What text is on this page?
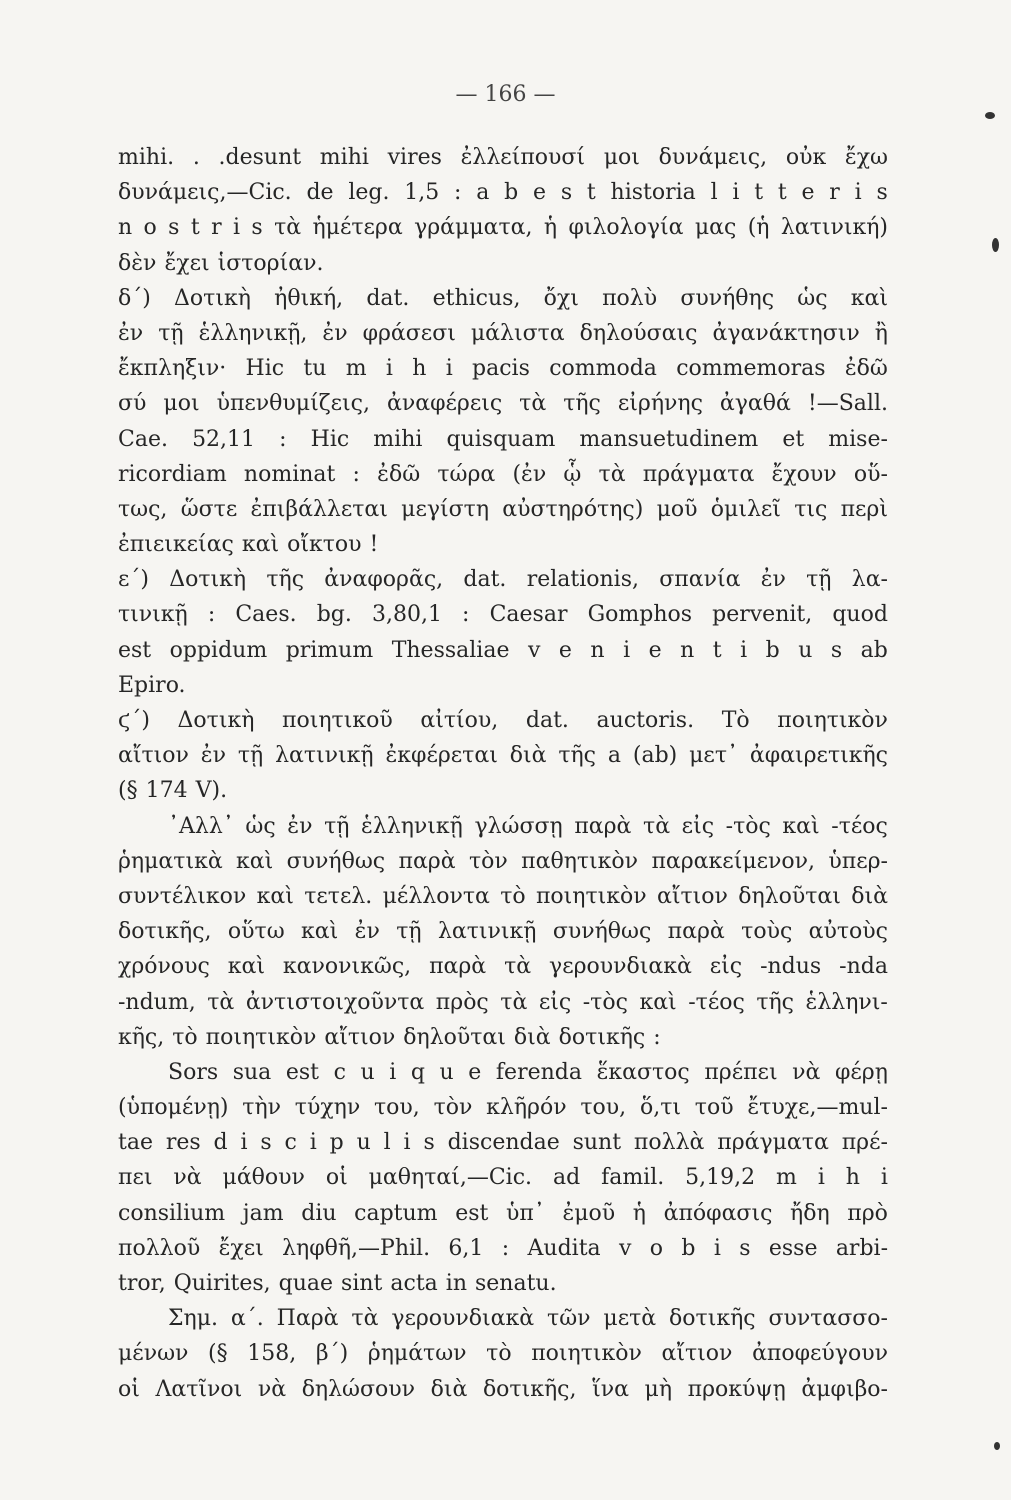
— 166 —
mihi. . .desunt mihi vires ἐλλείπουσί μοι δυνάμεις, οὐκ ἔχω
δυνάμεις,—Cic. de leg. 1,5 : a b e s t historia l i t t e r i s
n o s t r i s τὰ ἡμέτερα γράμματα, ἡ φιλολογία μας (ἡ λατινική)
δὲν ἔχει ἱστορίαν.
δ´) Δοτικὴ ἠθική, dat. ethicus, ὄχι πολὺ συνήθης ὡς καὶ
ἐν τῇ ἑλληνικῇ, ἐν φράσεσι μάλιστα δηλούσαις ἀγανάκτησιν ἢ
ἔκπληξιν· Hic tu m i h i pacis commoda commemoras ἐδῶ
σύ μοι ὑπενθυμίζεις, ἀναφέρεις τὰ τῆς εἰρήνης ἀγαθά !—Sall.
Cae. 52,11 : Hic mihi quisquam mansuetudinem et mise-
ricordiam nominat : ἐδῶ τώρα (ἐν ᾧ τὰ πράγματα ἔχουν οὕ-
τως, ὥστε ἐπιβάλλεται μεγίστη αὐστηρότης) μοῦ ὁμιλεῖ τις περὶ
ἐπιεικείας καὶ οἴκτου !
ε´) Δοτικὴ τῆς ἀναφορᾶς, dat. relationis, σπανία ἐν τῇ λα-
τινικῇ : Caes. bg. 3,80,1 : Caesar Gomphos pervenit, quod
est oppidum primum Thessaliae v e n i e n t i b u s ab
Epiro.
ϛ´) Δοτικὴ ποιητικοῦ αἰτίου, dat. auctoris. Τὸ ποιητικὸν
αἴτιον ἐν τῇ λατινικῇ ἐκφέρεται διὰ τῆς a (ab) μετ᾽ ἀφαιρετικῆς
(§ 174 V).
᾽Αλλ᾽ ὡς ἐν τῇ ἑλληνικῇ γλώσσῃ παρὰ τὰ εἰς -τὸς καὶ -τέος
ῥηματικὰ καὶ συνήθως παρὰ τὸν παθητικὸν παρακείμενον, ὑπερ-
συντέλικον καὶ τετελ. μέλλοντα τὸ ποιητικὸν αἴτιον δηλοῦται διὰ
δοτικῆς, οὕτω καὶ ἐν τῇ λατινικῇ συνήθως παρὰ τοὺς αὐτοὺς
χρόνους καὶ κανονικῶς, παρὰ τὰ γερουνδιακὰ εἰς -ndus -nda
-ndum, τὰ ἀντιστοιχοῦντα πρὸς τὰ εἰς -τὸς καὶ -τέος τῆς ἑλληνι-
κῆς, τὸ ποιητικὸν αἴτιον δηλοῦται διὰ δοτικῆς :
Sors sua est c u i q u e ferenda ἕκαστος πρέπει νὰ φέρῃ
(ὑπομένῃ) τὴν τύχην του, τὸν κλῆρόν του, ὅ,τι τοῦ ἔτυχε,—mul-
tae res d i s c i p u l i s discendae sunt πολλὰ πράγματα πρέ-
πει νὰ μάθουν οἱ μαθηταί,—Cic. ad famil. 5,19,2 m i h i
consilium jam diu captum est ὑπ᾽ ἐμοῦ ἡ ἀπόφασις ἤδη πρὸ
πολλοῦ ἔχει ληφθῆ,—Phil. 6,1 : Audita v o b i s esse arbi-
tror, Quirites, quae sint acta in senatu.
Σημ. α´. Παρὰ τὰ γερουνδιακὰ τῶν μετὰ δοτικῆς συντασσο-
μένων (§ 158, β´) ῥημάτων τὸ ποιητικὸν αἴτιον ἀποφεύγουν
οἱ Λατῖνοι νὰ δηλώσουν διὰ δοτικῆς, ἵνα μὴ προκύψῃ ἀμφιβο-
